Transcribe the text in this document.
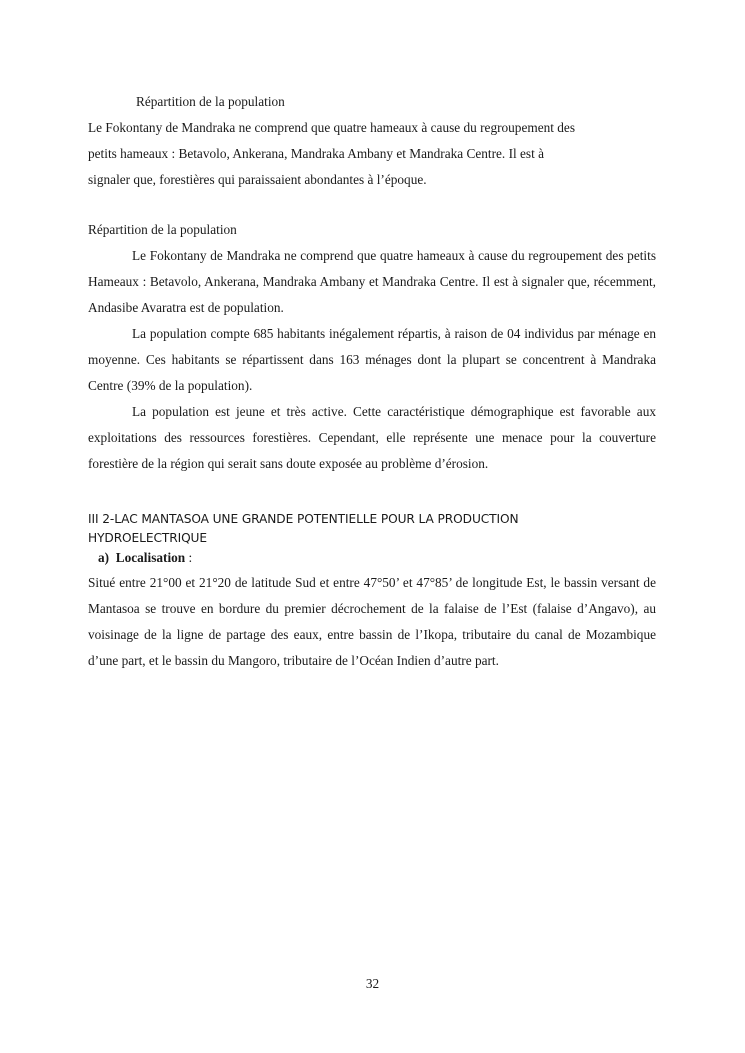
Répartition de la population

Le Fokontany de Mandraka ne comprend que quatre hameaux à cause du regroupement des
petits hameaux : Betavolo, Ankerana, Mandraka Ambany et Mandraka Centre. Il est à
signaler que, forestières qui paraissaient abondantes à l’époque.

Répartition de la population

Le Fokontany de Mandraka ne comprend que quatre hameaux à cause du regroupement des petits Hameaux : Betavolo, Ankerana, Mandraka Ambany et Mandraka Centre. Il est à signaler que, récemment, Andasibe Avaratra est de population.

La population compte 685 habitants inégalement répartis, à raison de 04 individus par ménage en moyenne. Ces habitants se répartissent dans 163 ménages dont la plupart se concentrent à Mandraka Centre (39% de la population).

La population est jeune et très active. Cette caractéristique démographique est favorable aux exploitations des ressources forestières. Cependant, elle représente une menace pour la couverture forestière de la région qui serait sans doute exposée au problème d’érosion.

III 2-LAC MANTASOA UNE GRANDE POTENTIELLE POUR LA PRODUCTION HYDROELECTRIQUE

a) Localisation :

Situé entre 21°00 et 21°20 de latitude Sud et entre 47°50’ et 47°85’ de longitude Est, le bassin versant de Mantasoa se trouve en bordure du premier décrochement de la falaise de l’Est (falaise d’Angavo), au voisinage de la ligne de partage des eaux, entre bassin de l’Ikopa, tributaire du canal de Mozambique d’une part, et le bassin du Mangoro, tributaire de l’Océan Indien d’autre part.

32
